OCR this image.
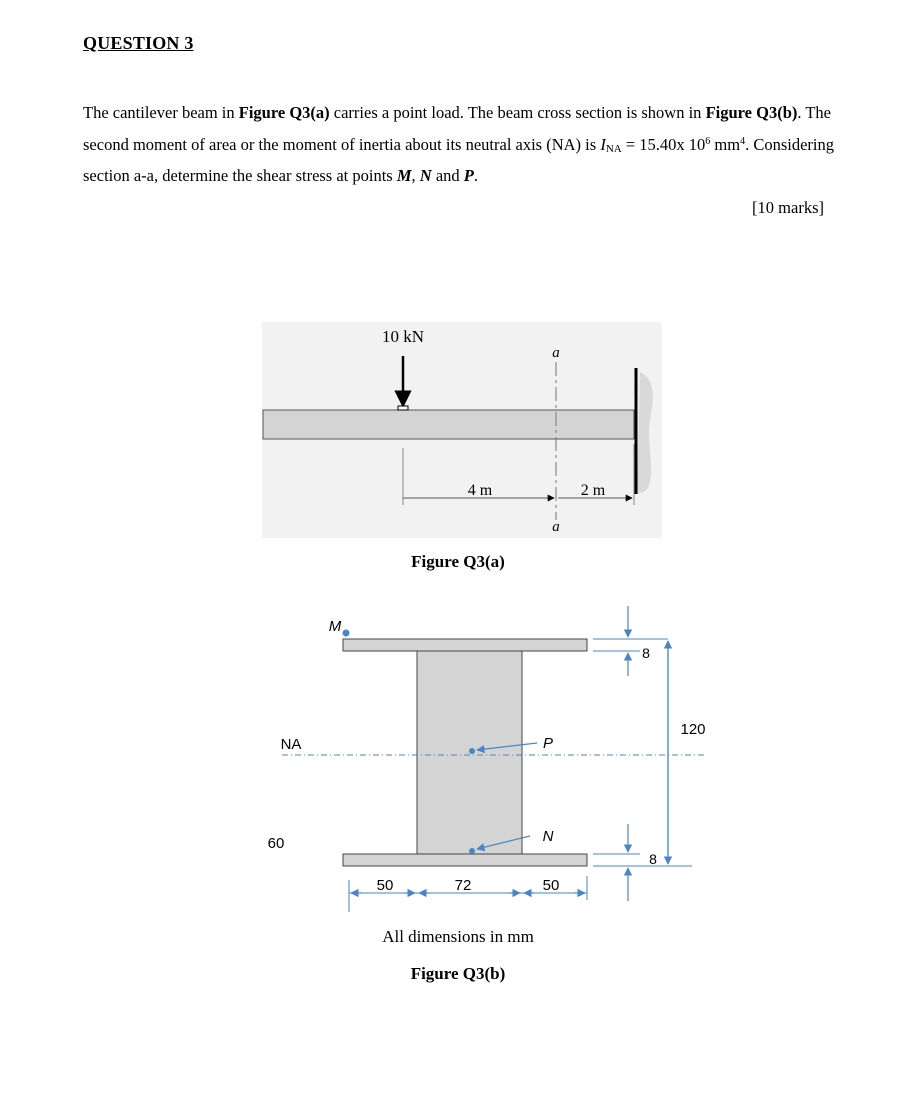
QUESTION 3
The cantilever beam in Figure Q3(a) carries a point load. The beam cross section is shown in Figure Q3(b). The second moment of area or the moment of inertia about its neutral axis (NA) is $I_{NA} = 15.40x$ $10^6$ $mm^4$. Considering section a-a, determine the shear stress at points M, N and P.
[10 marks]
10 kN
a
a
4 m	2 m
Figure Q3(a)
NA
M
P
N
60
8
8
120
50	72	50
All dimensions in mm
Figure Q3(b)
